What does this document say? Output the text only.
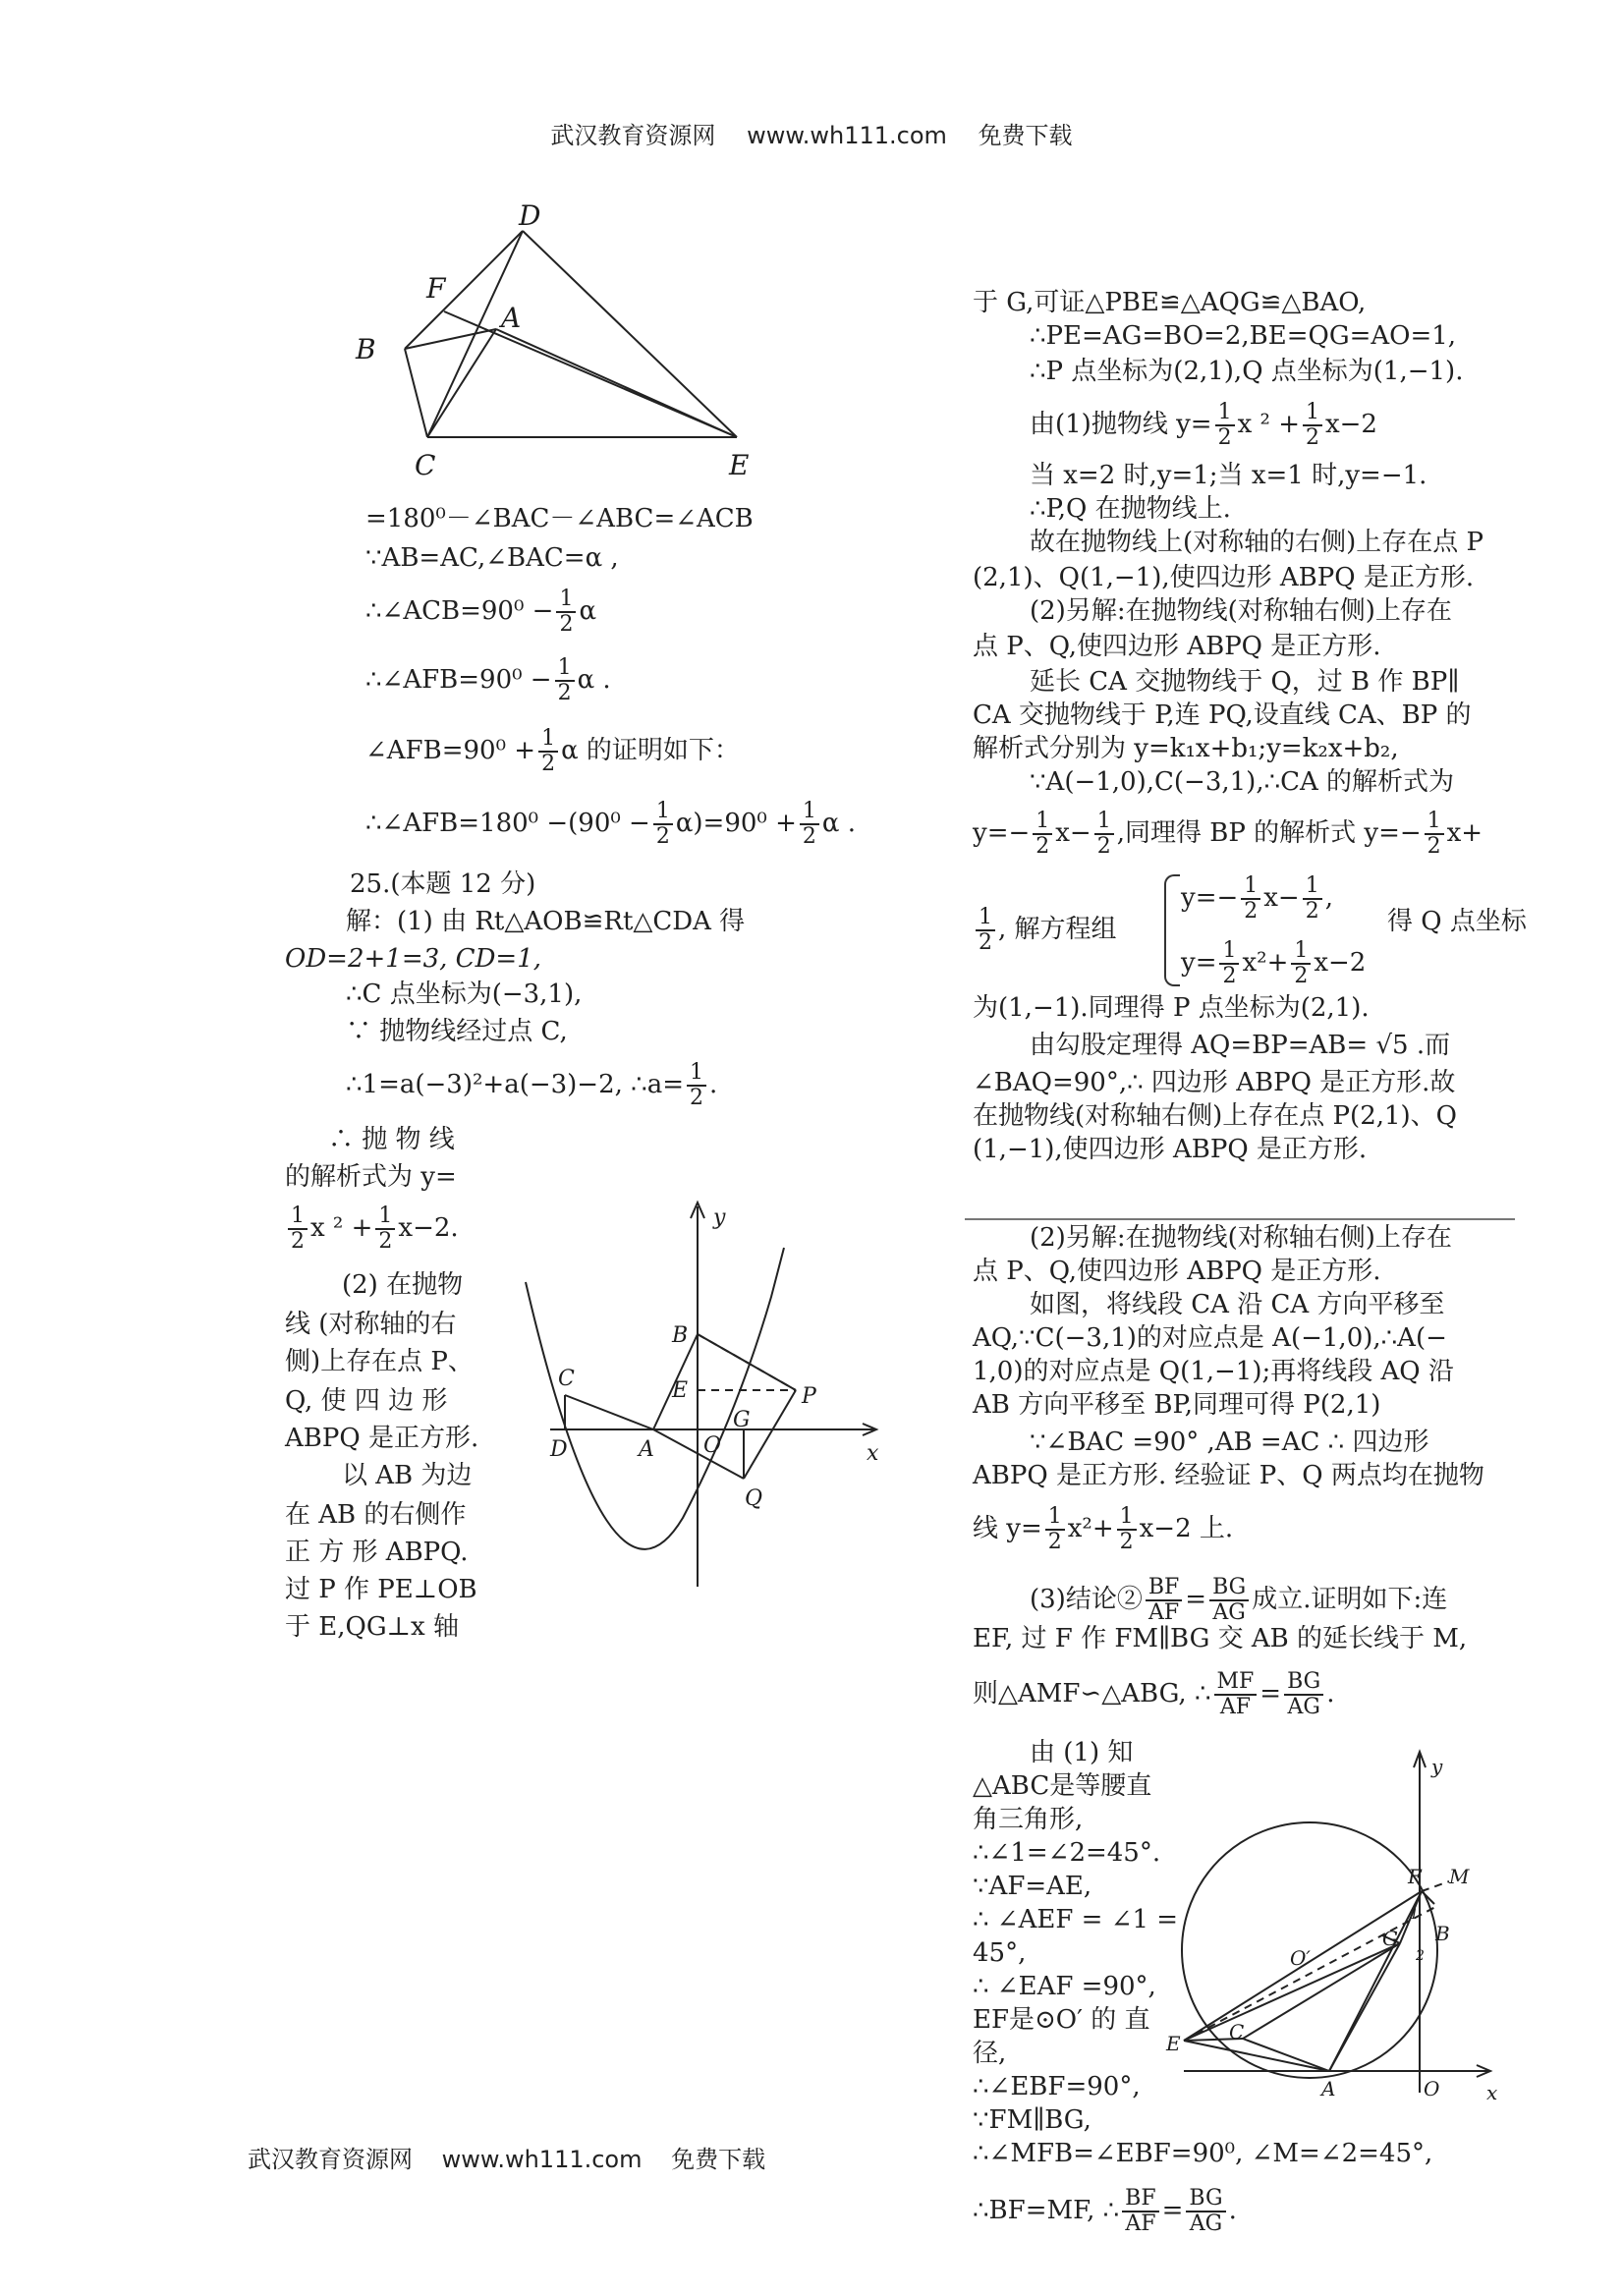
武汉教育资源网 www.wh111.com 免费下载
武汉教育资源网 www.wh111.com 免费下载
D
F
A
B
C	E
=180⁰－∠BAC－∠ABC=∠ACB
∵AB=AC,∠BAC=α ,
∴∠ACB=90⁰ − $\frac{1}{2}$ α
∴∠AFB=90⁰ − $\frac{1}{2}$ α .
∠AFB=90⁰ + $\frac{1}{2}$ α 的证明如下：
∴∠AFB=180⁰ $-(90^0 - \frac{1}{2} \alpha)=90^0 + \frac{1}{2}$ α .
25.(本题 12 分)
解：(1) 由 Rt△AOB≌Rt△CDA 得
OD=2+1=3, CD=1,
∴C 点坐标为(−3,1),
∵ 抛物线经过点 C,
∴1=a(−3)²+a(−3)−2, ∴a= $\frac{1}{2}$ .
∴ 抛 物 线
的解析式为 y=
$\frac{1}{2}$ x $^2 + \frac{1}{2} x-2$.
(2) 在抛物
线 (对称轴的右
侧)上存在点 P、
Q, 使 四 边 形
ABPQ 是正方形.
以 AB 为边
在 AB 的右侧作
正 方 形 ABPQ.
过 P 作 PE⊥OB
于 E,QG⊥x 轴
y
B
E	P
C
G
D	A O
Q
x
于 G,可证△PBE≌△AQG≌△BAO,
∴PE=AG=BO=2,BE=QG=AO=1,
∴P 点坐标为(2,1),Q 点坐标为(1,−1).
由(1)抛物线 $y= \frac{1}{2}$ x $^2 + \frac{1}{2} x-2$
当 x=2 时,y=1;当 x=1 时,y=−1.
∴P,Q 在抛物线上.
故在抛物线上(对称轴的右侧)上存在点 P
(2,1)、Q(1,−1),使四边形 ABPQ 是正方形.
(2)另解:在抛物线(对称轴右侧)上存在
点 P、Q,使四边形 ABPQ 是正方形.
延长 CA 交抛物线于 Q，过 B 作 BP∥
CA 交抛物线于 P,连 PQ,设直线 CA、BP 的
解析式分别为 y=k₁x+b₁;y=k₂x+b₂,
∵A(−1,0),C(−3,1),∴CA 的解析式为
$y=- \frac{1}{2} x- \frac{1}{2}$ ,同理得 BP 的解析式 $y=- \frac{1}{2} x+$
$\frac{1}{2}$ , 解方程组
$y=- \frac{1}{2} x- \frac{1}{2}$ ,
$y= \frac{1}{2} x^2+ \frac{1}{2} x-2$
得 Q 点坐标
为(1,−1).同理得 P 点坐标为(2,1).
由勾股定理得 AQ=BP=AB= √5 .而
∠BAQ=90°,∴ 四边形 ABPQ 是正方形.故
在抛物线(对称轴右侧)上存在点 P(2,1)、Q
(1,−1),使四边形 ABPQ 是正方形.
(2)另解:在抛物线(对称轴右侧)上存在
点 P、Q,使四边形 ABPQ 是正方形.
如图，将线段 CA 沿 CA 方向平移至
AQ,∵C(−3,1)的对应点是 A(−1,0),∴A(−
1,0)的对应点是 Q(1,−1);再将线段 AQ 沿
AB 方向平移至 BP,同理可得 P(2,1)
∵∠BAC =90° ,AB =AC ∴ 四边形
ABPQ 是正方形. 经验证 P、Q 两点均在抛物
线 $y= \frac{1}{2} x^2+ \frac{1}{2} x-2$ 上.
(3)结论② $\frac{BF}{AF} = \frac{BG}{AG}$ 成立.证明如下:连
EF, 过 F 作 FM∥BG 交 AB 的延长线于 M,
则△AMF∽△ABG, ∴ $\frac{MF}{AF} = \frac{BG}{AG}$ .
由 (1) 知
△ABC是等腰直
角三角形,
∴∠1=∠2=45°.
∵AF=AE,
∴ ∠AEF = ∠1 =
45°,
∴ ∠EAF =90°,
EF是⊙O′ 的 直
径,
∴∠EBF=90°,
∵FM∥BG,
∴∠MFB=∠EBF=90⁰, ∠M=∠2=45°,
∴BF=MF, ∴ $\frac{BF}{AF} = \frac{BG}{AG}$ .
y
F M
B
G
O′
E C
A	O x
1
2
